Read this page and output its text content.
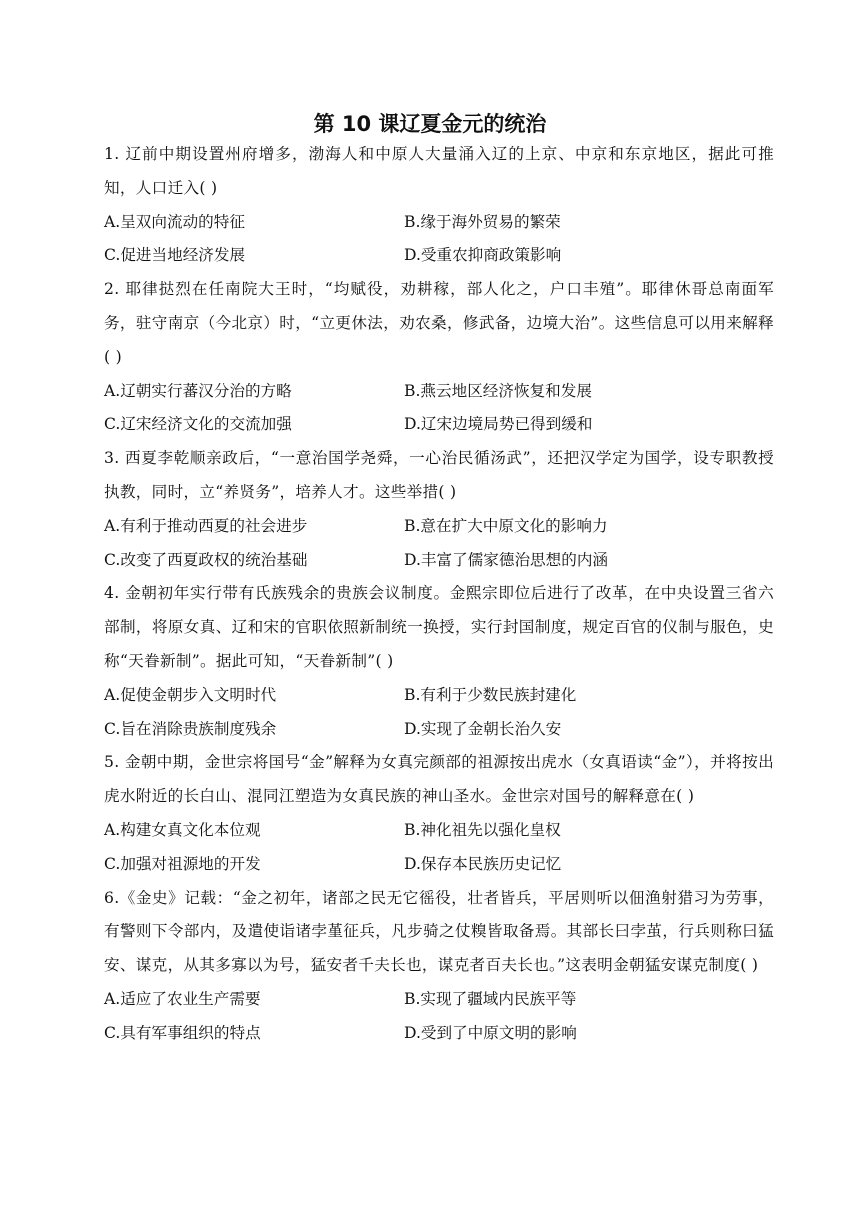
第 10 课辽夏金元的统治

1. 辽前中期设置州府增多，渤海人和中原人大量涌入辽的上京、中京和东京地区，据此可推知，人口迁入( )

A.呈双向流动的特征	B.缘于海外贸易的繁荣
C.促进当地经济发展	D.受重农抑商政策影响

2. 耶律挞烈在任南院大王时，“均赋役，劝耕稼，部人化之，户口丰殖”。耶律休哥总南面军务，驻守南京（今北京）时，“立更休法，劝农桑，修武备，边境大治”。这些信息可以用来解释( )

A.辽朝实行蕃汉分治的方略	B.燕云地区经济恢复和发展
C.辽宋经济文化的交流加强	D.辽宋边境局势已得到缓和

3. 西夏李乾顺亲政后，“一意治国学尧舜，一心治民循汤武”，还把汉学定为国学，设专职教授执教，同时，立“养贤务”，培养人才。这些举措( )

A.有利于推动西夏的社会进步	B.意在扩大中原文化的影响力
C.改变了西夏政权的统治基础	D.丰富了儒家德治思想的内涵

4. 金朝初年实行带有氏族残余的贵族会议制度。金熙宗即位后进行了改革，在中央设置三省六部制，将原女真、辽和宋的官职依照新制统一换授，实行封国制度，规定百官的仪制与服色，史称“天眷新制”。据此可知，“天眷新制”( )

A.促使金朝步入文明时代	B.有利于少数民族封建化
C.旨在消除贵族制度残余	D.实现了金朝长治久安

5. 金朝中期，金世宗将国号“金”解释为女真完颜部的祖源按出虎水（女真语读“金”），并将按出虎水附近的长白山、混同江塑造为女真民族的神山圣水。金世宗对国号的解释意在( )

A.构建女真文化本位观	B.神化祖先以强化皇权
C.加强对祖源地的开发	D.保存本民族历史记忆

6.《金史》记载：“金之初年，诸部之民无它徭役，壮者皆兵，平居则听以佃渔射猎习为劳事，有警则下令部内，及遣使诣诸孛堇征兵，凡步骑之仗糗皆取备焉。其部长曰孛茧，行兵则称曰猛安、谋克，从其多寡以为号，猛安者千夫长也，谋克者百夫长也。”这表明金朝猛安谋克制度( )

A.适应了农业生产需要	B.实现了疆域内民族平等
C.具有军事组织的特点	D.受到了中原文明的影响
